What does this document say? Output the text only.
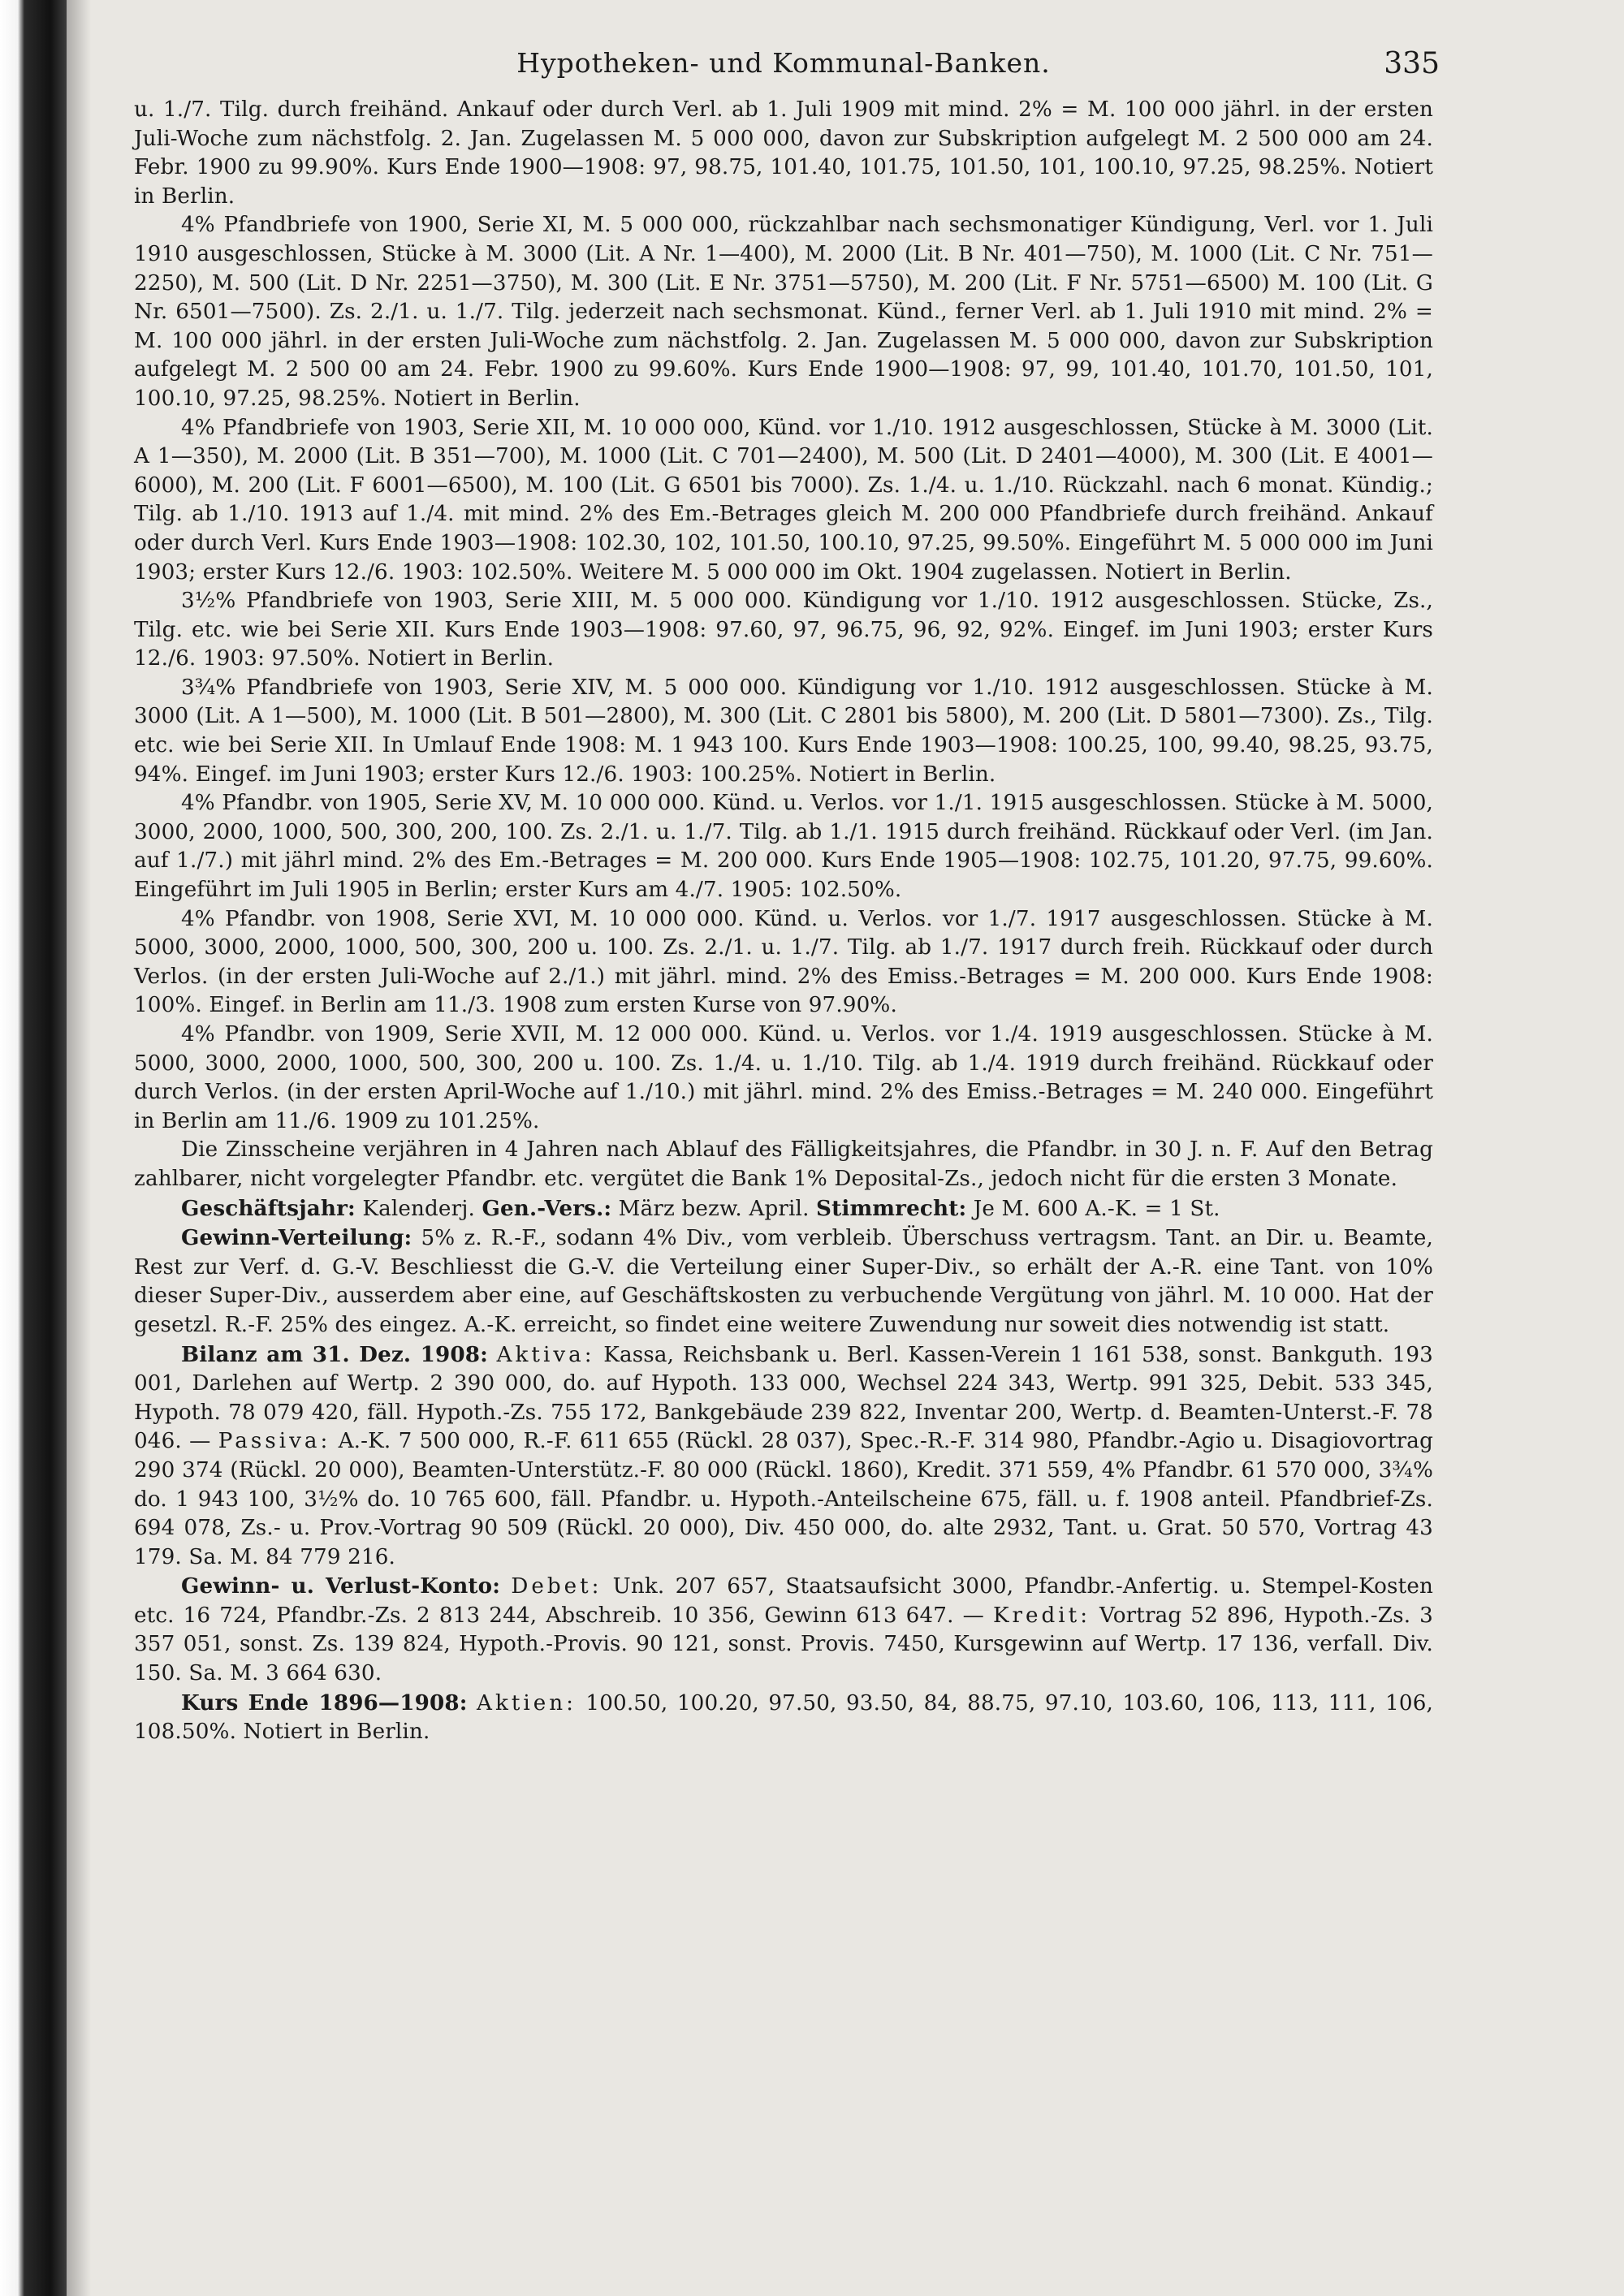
Hypotheken- und Kommunal-Banken.	335

u. 1./7. Tilg. durch freihänd. Ankauf oder durch Verl. ab 1. Juli 1909 mit mind. 2% = M. 100 000 jährl. in der ersten Juli-Woche zum nächstfolg. 2. Jan. Zugelassen M. 5 000 000, davon zur Subskription aufgelegt M. 2 500 000 am 24. Febr. 1900 zu 99.90%. Kurs Ende 1900—1908: 97, 98.75, 101.40, 101.75, 101.50, 101, 100.10, 97.25, 98.25%. Notiert in Berlin.

4% Pfandbriefe von 1900, Serie XI, M. 5 000 000, rückzahlbar nach sechsmonatiger Kündigung, Verl. vor 1. Juli 1910 ausgeschlossen, Stücke à M. 3000 (Lit. A Nr. 1—400), M. 2000 (Lit. B Nr. 401—750), M. 1000 (Lit. C Nr. 751—2250), M. 500 (Lit. D Nr. 2251—3750), M. 300 (Lit. E Nr. 3751—5750), M. 200 (Lit. F Nr. 5751—6500) M. 100 (Lit. G Nr. 6501—7500). Zs. 2./1. u. 1./7. Tilg. jederzeit nach sechsmonat. Künd., ferner Verl. ab 1. Juli 1910 mit mind. 2% = M. 100 000 jährl. in der ersten Juli-Woche zum nächstfolg. 2. Jan. Zugelassen M. 5 000 000, davon zur Subskription aufgelegt M. 2 500 00 am 24. Febr. 1900 zu 99.60%. Kurs Ende 1900—1908: 97, 99, 101.40, 101.70, 101.50, 101, 100.10, 97.25, 98.25%. Notiert in Berlin.

4% Pfandbriefe von 1903, Serie XII, M. 10 000 000, Künd. vor 1./10. 1912 ausgeschlossen, Stücke à M. 3000 (Lit. A 1—350), M. 2000 (Lit. B 351—700), M. 1000 (Lit. C 701—2400), M. 500 (Lit. D 2401—4000), M. 300 (Lit. E 4001—6000), M. 200 (Lit. F 6001—6500), M. 100 (Lit. G 6501 bis 7000). Zs. 1./4. u. 1./10. Rückzahl. nach 6 monat. Kündig.; Tilg. ab 1./10. 1913 auf 1./4. mit mind. 2% des Em.-Betrages gleich M. 200 000 Pfandbriefe durch freihänd. Ankauf oder durch Verl. Kurs Ende 1903—1908: 102.30, 102, 101.50, 100.10, 97.25, 99.50%. Eingeführt M. 5 000 000 im Juni 1903; erster Kurs 12./6. 1903: 102.50%. Weitere M. 5 000 000 im Okt. 1904 zugelassen. Notiert in Berlin.

3½% Pfandbriefe von 1903, Serie XIII, M. 5 000 000. Kündigung vor 1./10. 1912 ausgeschlossen. Stücke, Zs., Tilg. etc. wie bei Serie XII. Kurs Ende 1903—1908: 97.60, 97, 96.75, 96, 92, 92%. Eingef. im Juni 1903; erster Kurs 12./6. 1903: 97.50%. Notiert in Berlin.

3¾% Pfandbriefe von 1903, Serie XIV, M. 5 000 000. Kündigung vor 1./10. 1912 ausgeschlossen. Stücke à M. 3000 (Lit. A 1—500), M. 1000 (Lit. B 501—2800), M. 300 (Lit. C 2801 bis 5800), M. 200 (Lit. D 5801—7300). Zs., Tilg. etc. wie bei Serie XII. In Umlauf Ende 1908: M. 1 943 100. Kurs Ende 1903—1908: 100.25, 100, 99.40, 98.25, 93.75, 94%. Eingef. im Juni 1903; erster Kurs 12./6. 1903: 100.25%. Notiert in Berlin.

4% Pfandbr. von 1905, Serie XV, M. 10 000 000. Künd. u. Verlos. vor 1./1. 1915 ausgeschlossen. Stücke à M. 5000, 3000, 2000, 1000, 500, 300, 200, 100. Zs. 2./1. u. 1./7. Tilg. ab 1./1. 1915 durch freihänd. Rückkauf oder Verl. (im Jan. auf 1./7.) mit jährl mind. 2% des Em.-Betrages = M. 200 000. Kurs Ende 1905—1908: 102.75, 101.20, 97.75, 99.60%. Eingeführt im Juli 1905 in Berlin; erster Kurs am 4./7. 1905: 102.50%.

4% Pfandbr. von 1908, Serie XVI, M. 10 000 000. Künd. u. Verlos. vor 1./7. 1917 ausgeschlossen. Stücke à M. 5000, 3000, 2000, 1000, 500, 300, 200 u. 100. Zs. 2./1. u. 1./7. Tilg. ab 1./7. 1917 durch freih. Rückkauf oder durch Verlos. (in der ersten Juli-Woche auf 2./1.) mit jährl. mind. 2% des Emiss.-Betrages = M. 200 000. Kurs Ende 1908: 100%. Eingef. in Berlin am 11./3. 1908 zum ersten Kurse von 97.90%.

4% Pfandbr. von 1909, Serie XVII, M. 12 000 000. Künd. u. Verlos. vor 1./4. 1919 ausgeschlossen. Stücke à M. 5000, 3000, 2000, 1000, 500, 300, 200 u. 100. Zs. 1./4. u. 1./10. Tilg. ab 1./4. 1919 durch freihänd. Rückkauf oder durch Verlos. (in der ersten April-Woche auf 1./10.) mit jährl. mind. 2% des Emiss.-Betrages = M. 240 000. Eingeführt in Berlin am 11./6. 1909 zu 101.25%.

Die Zinsscheine verjähren in 4 Jahren nach Ablauf des Fälligkeitsjahres, die Pfandbr. in 30 J. n. F. Auf den Betrag zahlbarer, nicht vorgelegter Pfandbr. etc. vergütet die Bank 1% Deposital-Zs., jedoch nicht für die ersten 3 Monate.

Geschäftsjahr: Kalenderj. Gen.-Vers.: März bezw. April. Stimmrecht: Je M. 600 A.-K. = 1 St.

Gewinn-Verteilung: 5% z. R.-F., sodann 4% Div., vom verbleib. Überschuss vertragsm. Tant. an Dir. u. Beamte, Rest zur Verf. d. G.-V. Beschliesst die G.-V. die Verteilung einer Super-Div., so erhält der A.-R. eine Tant. von 10% dieser Super-Div., ausserdem aber eine, auf Geschäftskosten zu verbuchende Vergütung von jährl. M. 10 000. Hat der gesetzl. R.-F. 25% des eingez. A.-K. erreicht, so findet eine weitere Zuwendung nur soweit dies notwendig ist statt.

Bilanz am 31. Dez. 1908: Aktiva: Kassa, Reichsbank u. Berl. Kassen-Verein 1 161 538, sonst. Bankguth. 193 001, Darlehen auf Wertp. 2 390 000, do. auf Hypoth. 133 000, Wechsel 224 343, Wertp. 991 325, Debit. 533 345, Hypoth. 78 079 420, fäll. Hypoth.-Zs. 755 172, Bankgebäude 239 822, Inventar 200, Wertp. d. Beamten-Unterst.-F. 78 046. — Passiva: A.-K. 7 500 000, R.-F. 611 655 (Rückl. 28 037), Spec.-R.-F. 314 980, Pfandbr.-Agio u. Disagiovortrag 290 374 (Rückl. 20 000), Beamten-Unterstütz.-F. 80 000 (Rückl. 1860), Kredit. 371 559, 4% Pfandbr. 61 570 000, 3¾% do. 1 943 100, 3½% do. 10 765 600, fäll. Pfandbr. u. Hypoth.-Anteilscheine 675, fäll. u. f. 1908 anteil. Pfandbrief-Zs. 694 078, Zs.- u. Prov.-Vortrag 90 509 (Rückl. 20 000), Div. 450 000, do. alte 2932, Tant. u. Grat. 50 570, Vortrag 43 179. Sa. M. 84 779 216.

Gewinn- u. Verlust-Konto: Debet: Unk. 207 657, Staatsaufsicht 3000, Pfandbr.-Anfertig. u. Stempel-Kosten etc. 16 724, Pfandbr.-Zs. 2 813 244, Abschreib. 10 356, Gewinn 613 647. — Kredit: Vortrag 52 896, Hypoth.-Zs. 3 357 051, sonst. Zs. 139 824, Hypoth.-Provis. 90 121, sonst. Provis. 7450, Kursgewinn auf Wertp. 17 136, verfall. Div. 150. Sa. M. 3 664 630.

Kurs Ende 1896—1908: Aktien: 100.50, 100.20, 97.50, 93.50, 84, 88.75, 97.10, 103.60, 106, 113, 111, 106, 108.50%. Notiert in Berlin.
